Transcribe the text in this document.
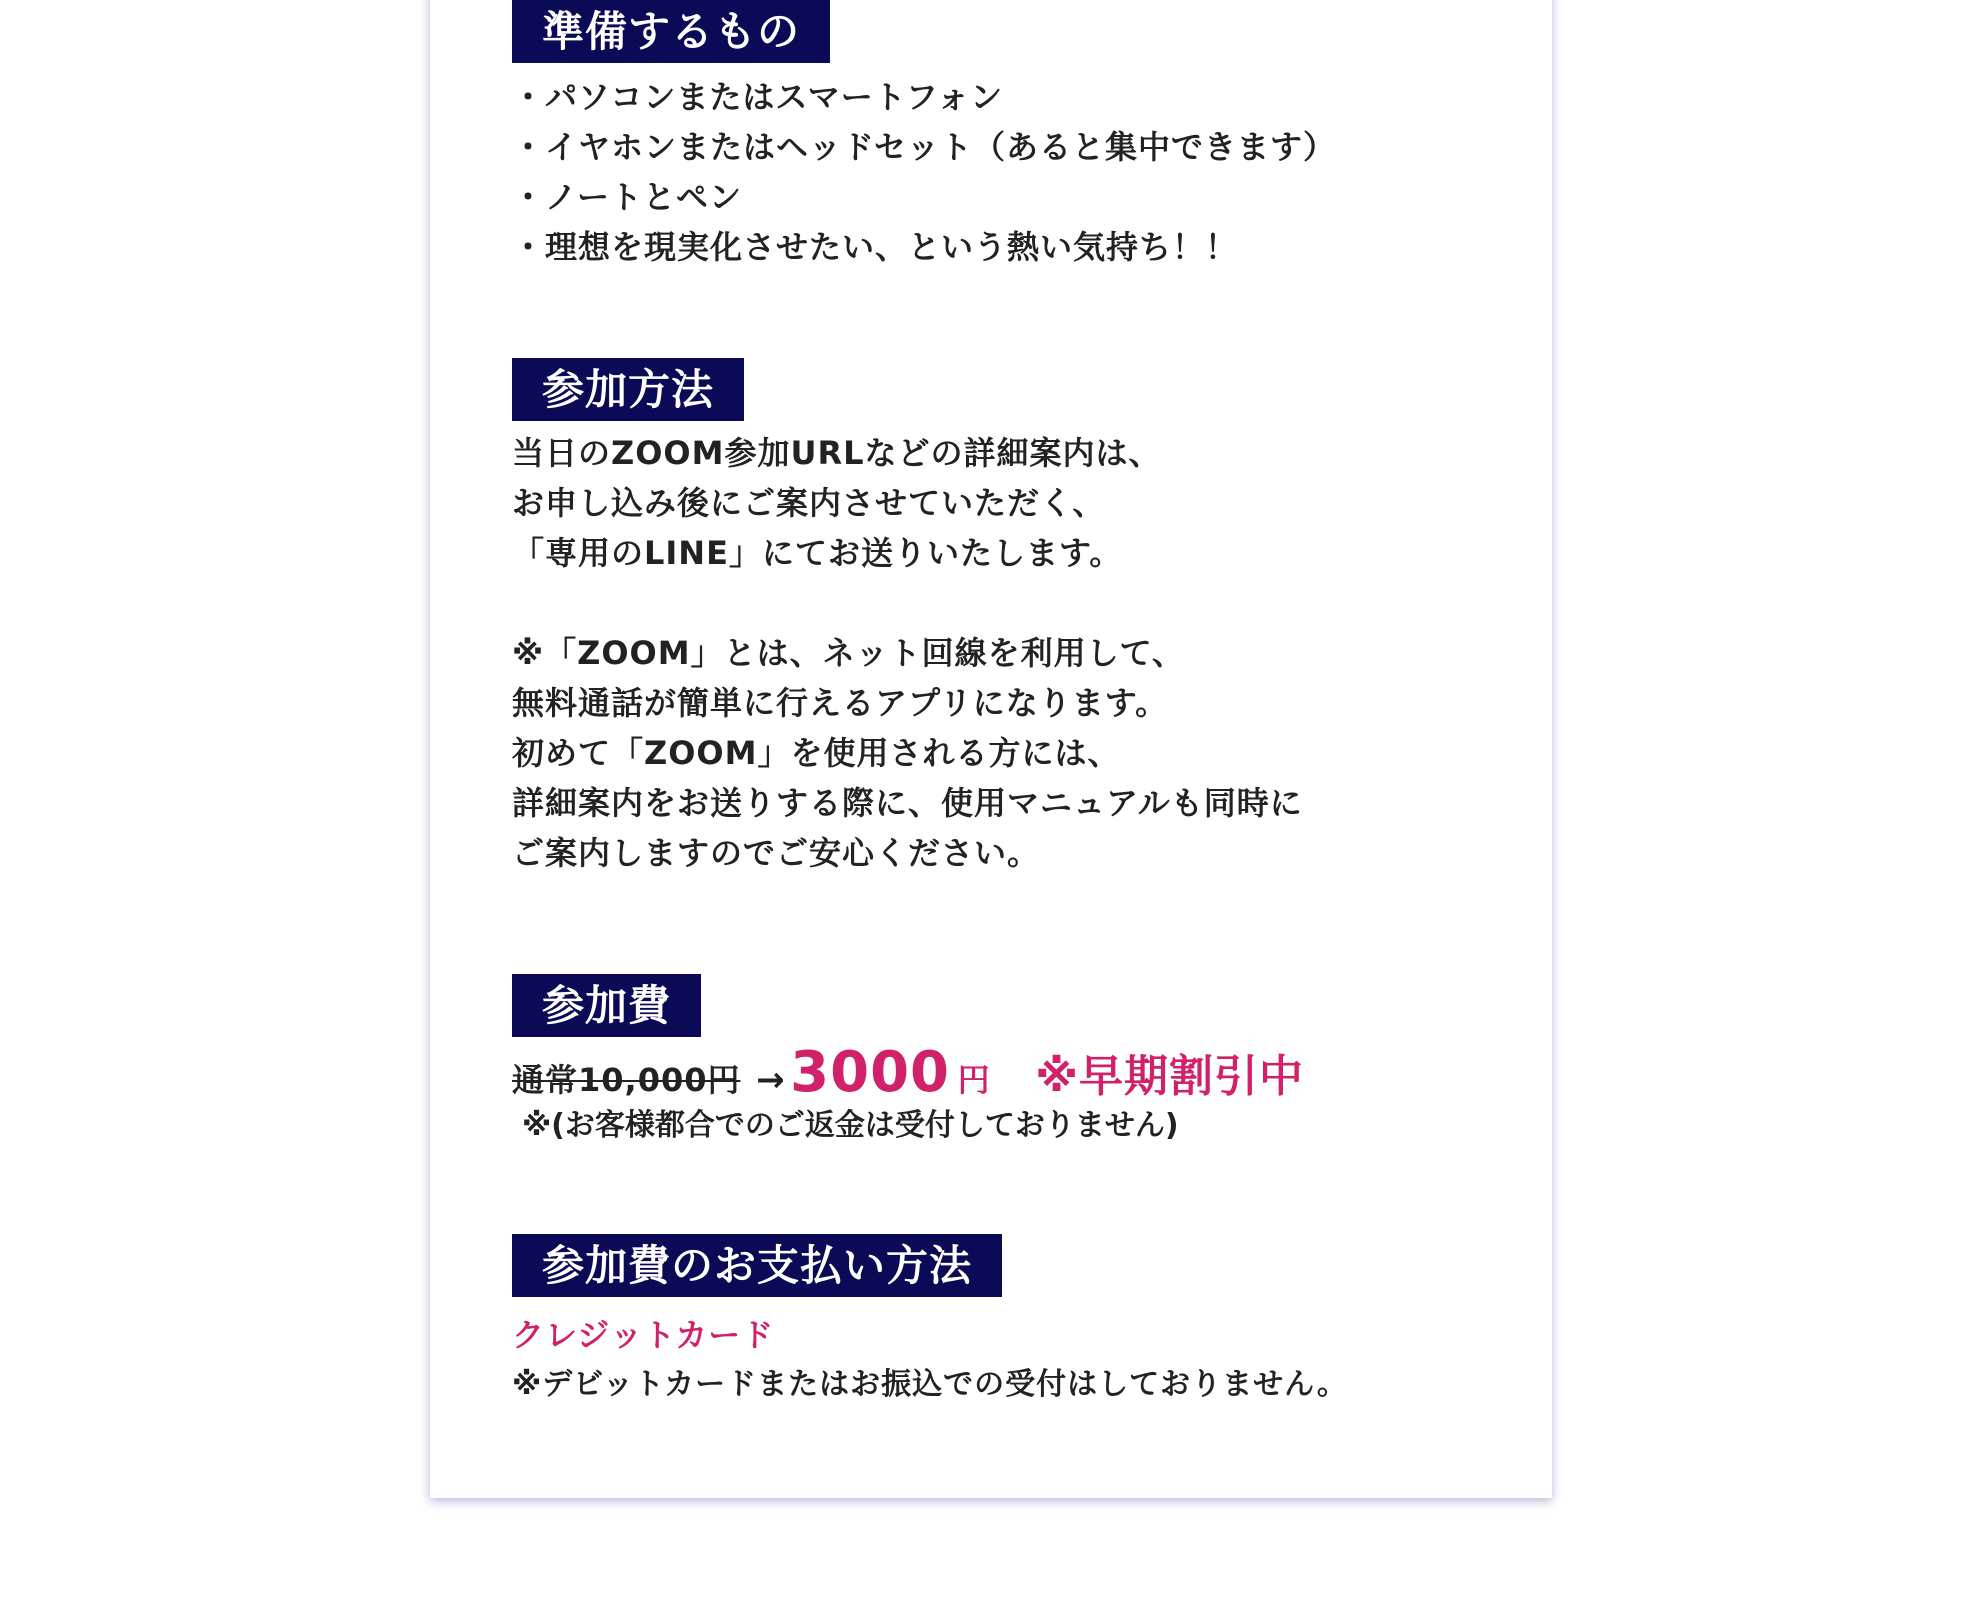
準備するもの
・パソコンまたはスマートフォン
・イヤホンまたはヘッドセット（あると集中できます）
・ノートとペン
・理想を現実化させたい、という熱い気持ち！！
参加方法
当日のZOOM参加URLなどの詳細案内は、
お申し込み後にご案内させていただく、
「専用のLINE」にてお送りいたします。
※「ZOOM」とは、ネット回線を利用して、
無料通話が簡単に行えるアプリになります。
初めて「ZOOM」を使用される方には、
詳細案内をお送りする際に、使用マニュアルも同時に
ご案内しますのでご安心ください。
参加費
通常10,000円 → 3000 円 ※早期割引中
※(お客様都合でのご返金は受付しておりません)
参加費のお支払い方法
クレジットカード
※デビットカードまたはお振込での受付はしておりません。
